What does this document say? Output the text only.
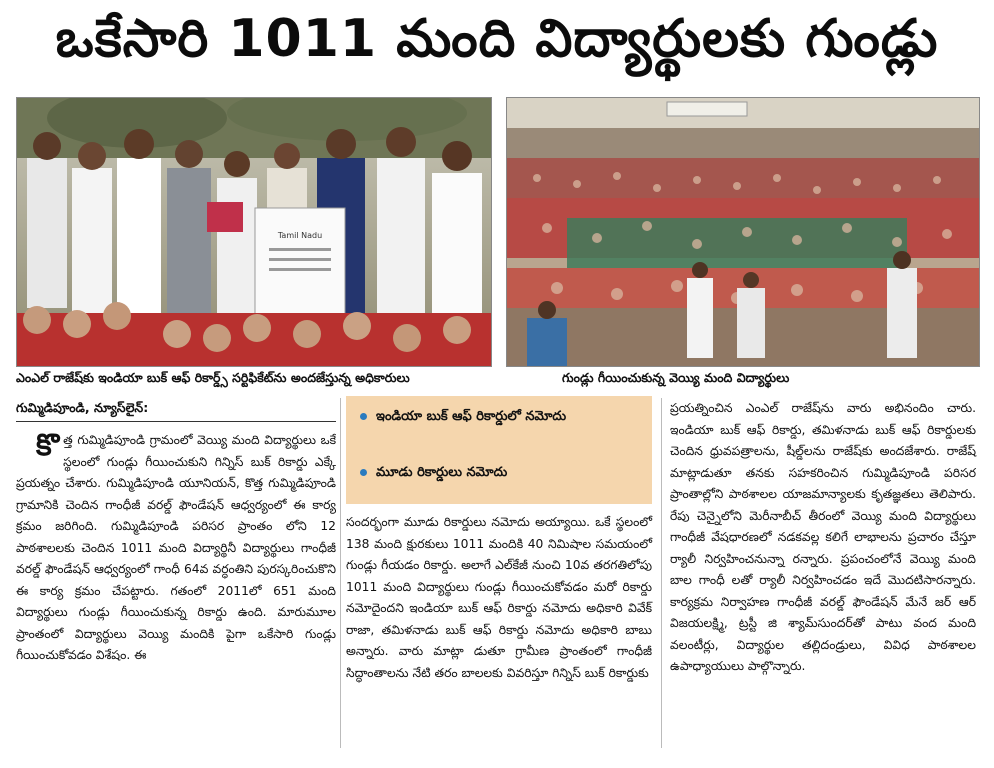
ఒకేసారి 1011 మంది విద్యార్థులకు గుండ్లు
Tamil Nadu
ఎంఎల్ రాజేష్‌కు ఇండియా బుక్ ఆఫ్ రికార్డ్స్ సర్టిఫికేట్‌ను అందజేస్తున్న అధికారులు	గుండ్లు గీయించుకున్న వెయ్యి మంది విద్యార్థులు
గుమ్మిడిపూండి, న్యూస్‌లైన్:
కొ త్త గుమ్మిడిపూండి గ్రామంలో వెయ్యి మంది విద్యార్థులు ఒకే స్థలంలో గుండ్లు గీయించుకుని గిన్నిస్ బుక్ రికార్డు ఎక్కే ప్రయత్నం చేశారు. గుమ్మిడిపూండి యూనియన్, కొత్త గుమ్మిడిపూండి గ్రామానికి చెందిన గాంధీజీ వరల్డ్ ఫౌండేషన్ ఆధ్వర్యంలో ఈ కార్య క్రమం జరిగింది. గుమ్మిడిపూండి పరిసర ప్రాంతం లోని 12 పాఠశాలలకు చెందిన 1011 మంది విద్యార్థినీ విద్యార్థులు గాంధీజీ వరల్డ్ ఫౌండేషన్ ఆధ్వర్యంలో గాంధీ 64వ వర్ధంతిని పురస్కరించుకొని ఈ కార్య క్రమం చేపట్టారు. గతంలో 2011లో 651 మంది విద్యార్థులు గుండ్లు గీయించుకున్న రికార్డు ఉంది. మారుమూల ప్రాంతంలో విద్యార్థులు వెయ్యి మందికి పైగా ఒకేసారి గుండ్లు గీయించుకోవడం విశేషం. ఈ

ఇండియా బుక్ ఆఫ్ రికార్డులో నమోదు
మూడు రికార్డులు నమోదు

సందర్భంగా మూడు రికార్డులు నమోదు అయ్యాయి. ఒకే స్థలంలో 138 మంది క్షురకులు 1011 మందికి 40 నిమిషాల సమయంలో గుండ్లు గీయడం రికార్డు. అలాగే ఎల్‌కేజీ నుంచి 10వ తరగతిలోపు 1011 మంది విద్యార్థులు గుండ్లు గీయించుకోవడం మరో రికార్డు నమోదైందని ఇండియా బుక్ ఆఫ్ రికార్డు నమోదు అధికారి వివేక్ రాజా, తమిళనాడు బుక్ ఆఫ్ రికార్డు నమోదు అధికారి బాబు అన్నారు. వారు మాట్లా డుతూ గ్రామీణ ప్రాంతంలో గాంధీజీ సిద్ధాంతాలను నేటి తరం బాలలకు వివరిస్తూ గిన్నిస్ బుక్ రికార్డుకు

ప్రయత్నించిన ఎంఎల్ రాజేష్‌ను వారు అభినందిం చారు. ఇండియా బుక్ ఆఫ్ రికార్డు, తమిళనాడు బుక్ ఆఫ్ రికార్డులకు చెందిన ధ్రువపత్రాలను, షీల్డ్‌లను రాజేష్‌కు అందజేశారు. రాజేష్ మాట్లాడుతూ తనకు సహకరించిన గుమ్మిడిపూండి పరిసర ప్రాంతాల్లోని పాఠశాలల యాజమాన్యాలకు కృతజ్ఞతలు తెలిపారు. రేపు చెన్నైలోని మెరీనాబీచ్ తీరంలో వెయ్యి మంది విద్యార్థులు గాంధీజీ వేషధారణలో నడకవల్ల కలిగే లాభాలను ప్రచారం చేస్తూ ర్యాలీ నిర్వహించనున్నా రన్నారు. ప్రపంచంలోనే వెయ్యి మంది బాల గాంధీ లతో ర్యాలీ నిర్వహించడం ఇదే మొదటిసారన్నారు. కార్యక్రమ నిర్వాహణ గాంధీజీ వరల్డ్ ఫౌండేషన్ మేనే జర్ ఆర్ విజయలక్ష్మి, ట్రస్టీ జి శ్యామ్‌సుందర్‌తో పాటు వంద మంది వలంటీర్లు, విద్యార్థుల తల్లిదండ్రులు, వివిధ పాఠశాలల ఉపాధ్యాయులు పాల్గొన్నారు.
